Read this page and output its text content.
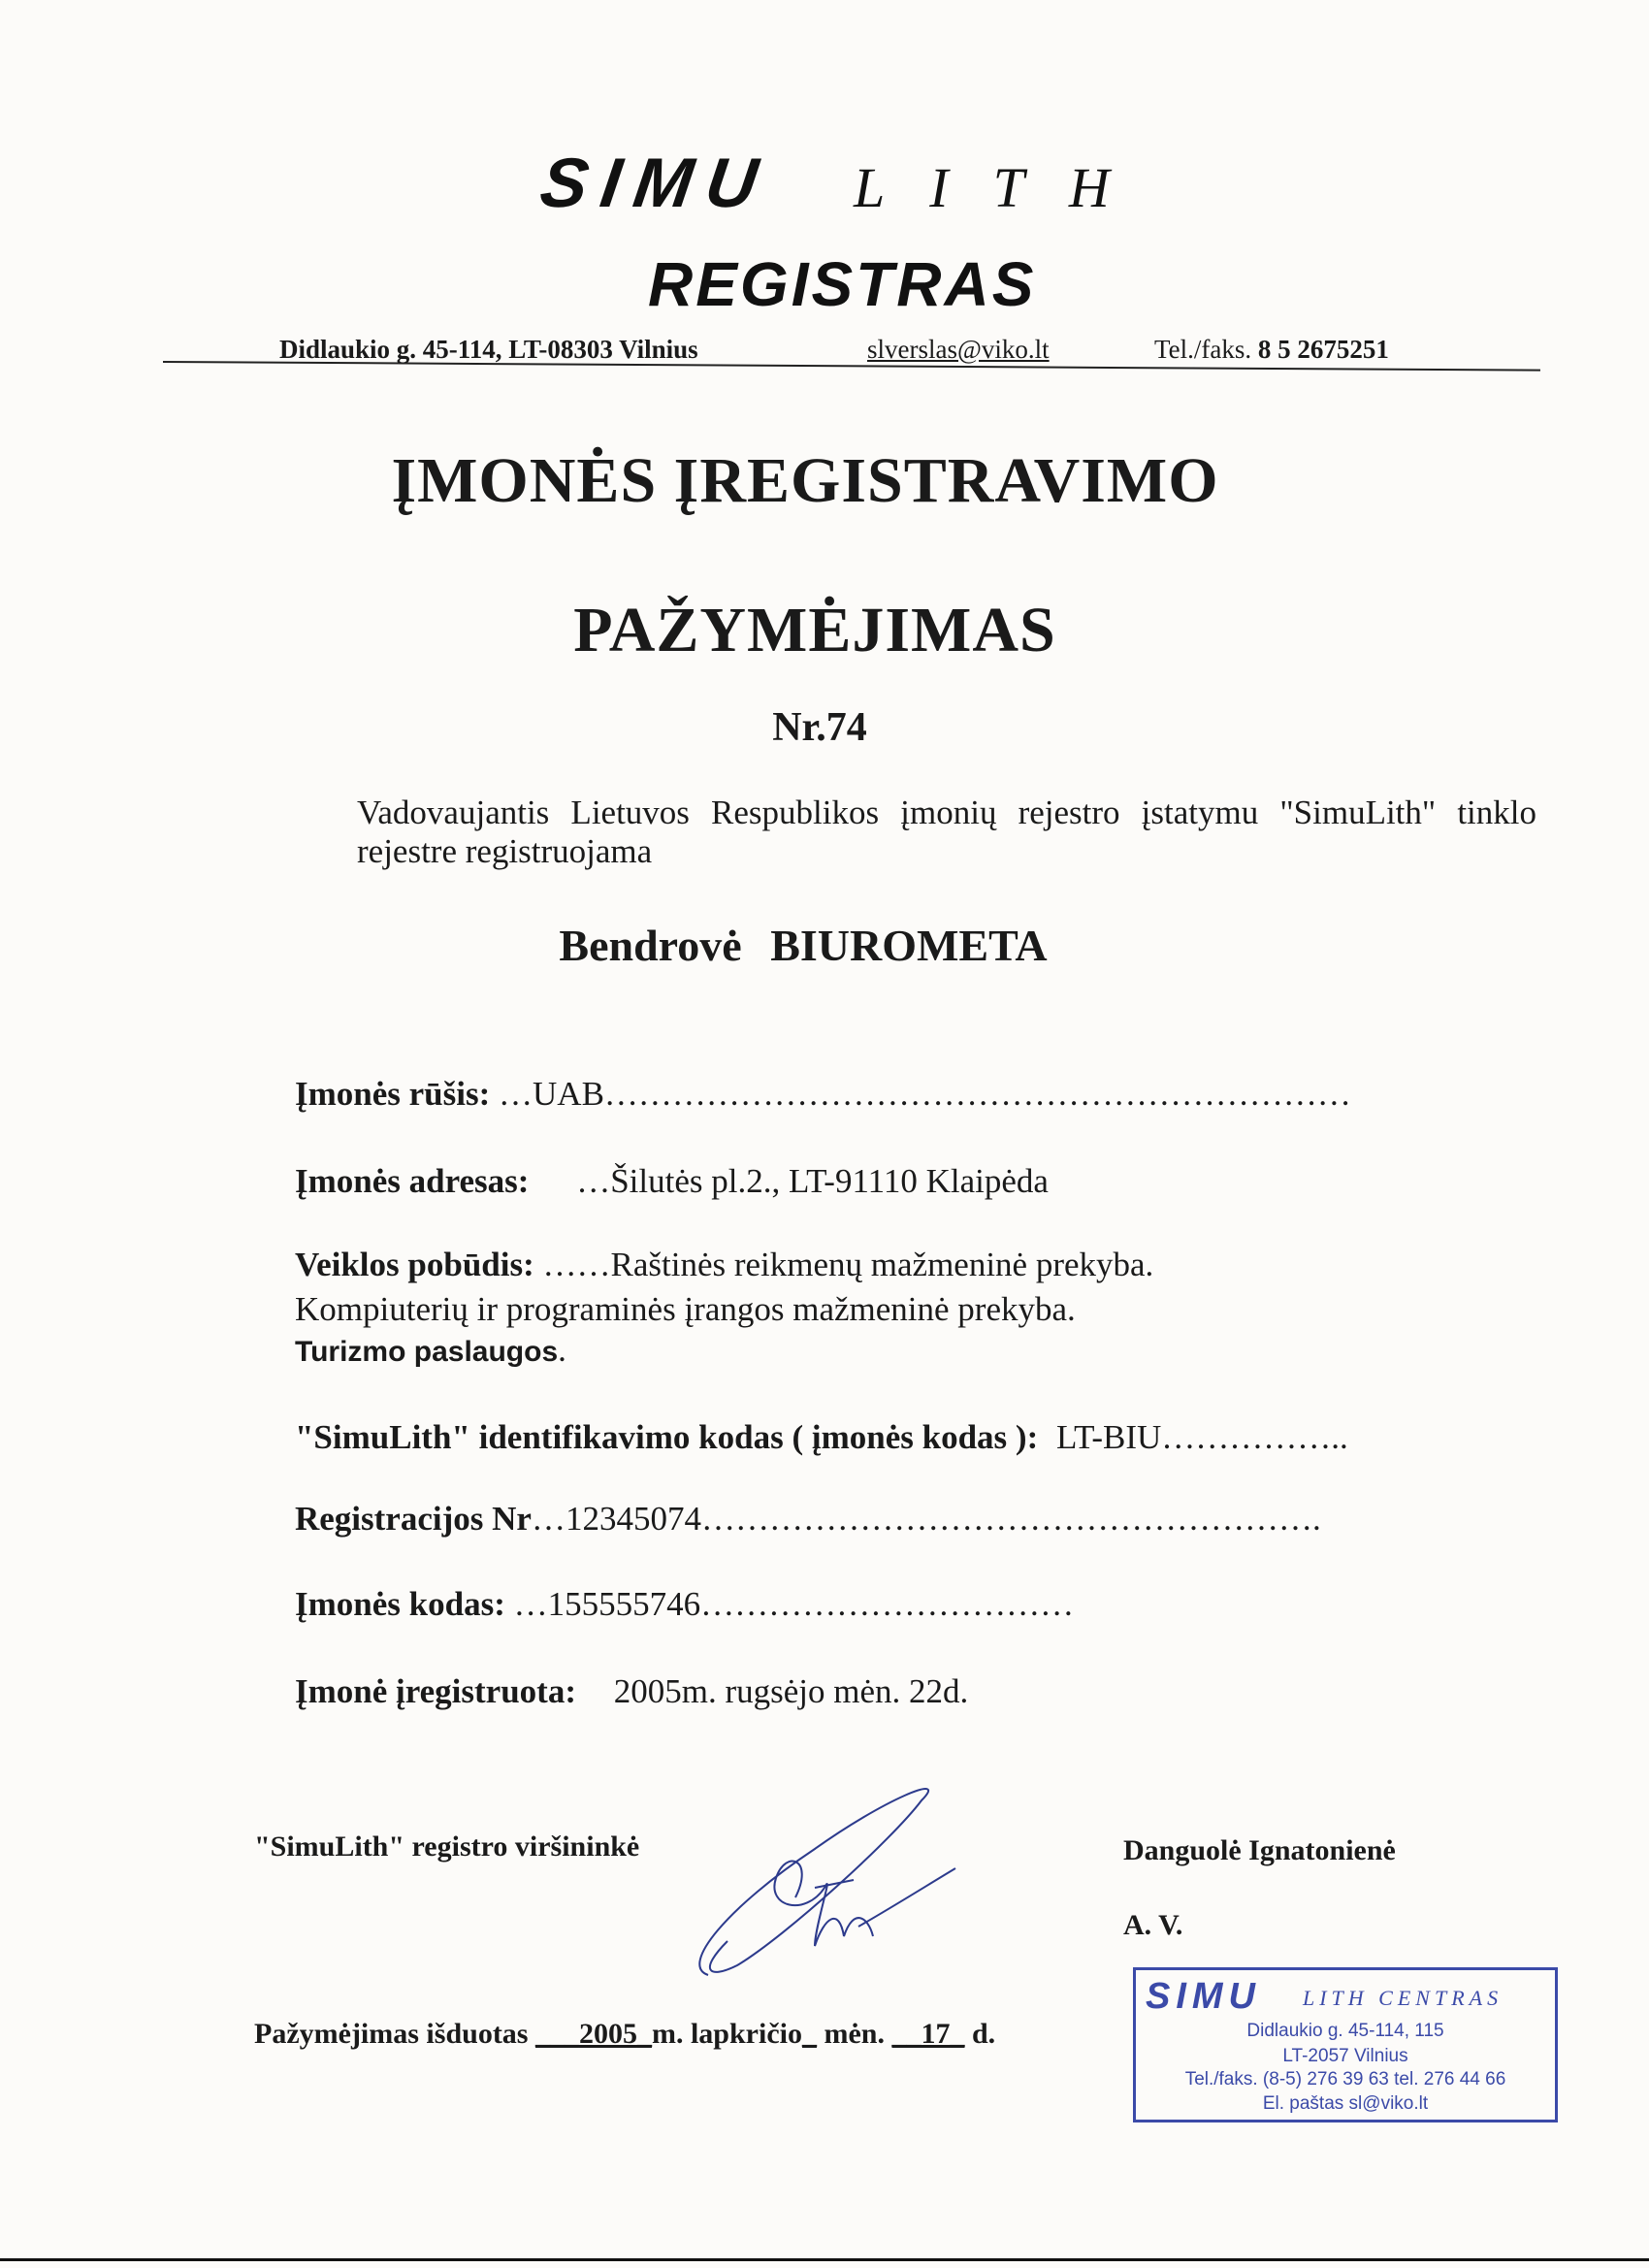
SIMU LITH
REGISTRAS
Didlaukio g. 45-114, LT-08303 Vilnius	slverslas@viko.lt	Tel./faks. 8 5 2675251
ĮMONĖS ĮREGISTRAVIMO
PAŽYMĖJIMAS
Nr.74
Vadovaujantis Lietuvos Respublikos įmonių rejestro įstatymu "SimuLith" tinklo rejestre registruojama
Bendrovė BIUROMETA
Įmonės rūšis: …UAB…………………………………………………………
Įmonės adresas: …Šilutės pl.2., LT-91110 Klaipėda
Veiklos pobūdis: ……Raštinės reikmenų mažmeninė prekyba.
Kompiuterių ir programinės įrangos mažmeninė prekyba.
Turizmo paslaugos.
"SimuLith" identifikavimo kodas ( įmonės kodas ): LT-BIU……………..
Registracijos Nr…12345074……………………………………………….
Įmonės kodas: …155555746……………………………
Įmonė įregistruota: 2005m. rugsėjo mėn. 22d.
"SimuLith" registro viršininkė	Danguolė Ignatonienė
A. V.
Pažymėjimas išduotas ___2005_m. lapkričio_ mėn. __17_ d.
SIMU LITH CENTRAS
Didlaukio g. 45-114, 115
LT-2057 Vilnius
Tel./faks. (8-5) 276 39 63 tel. 276 44 66
El. paštas sl@viko.lt
